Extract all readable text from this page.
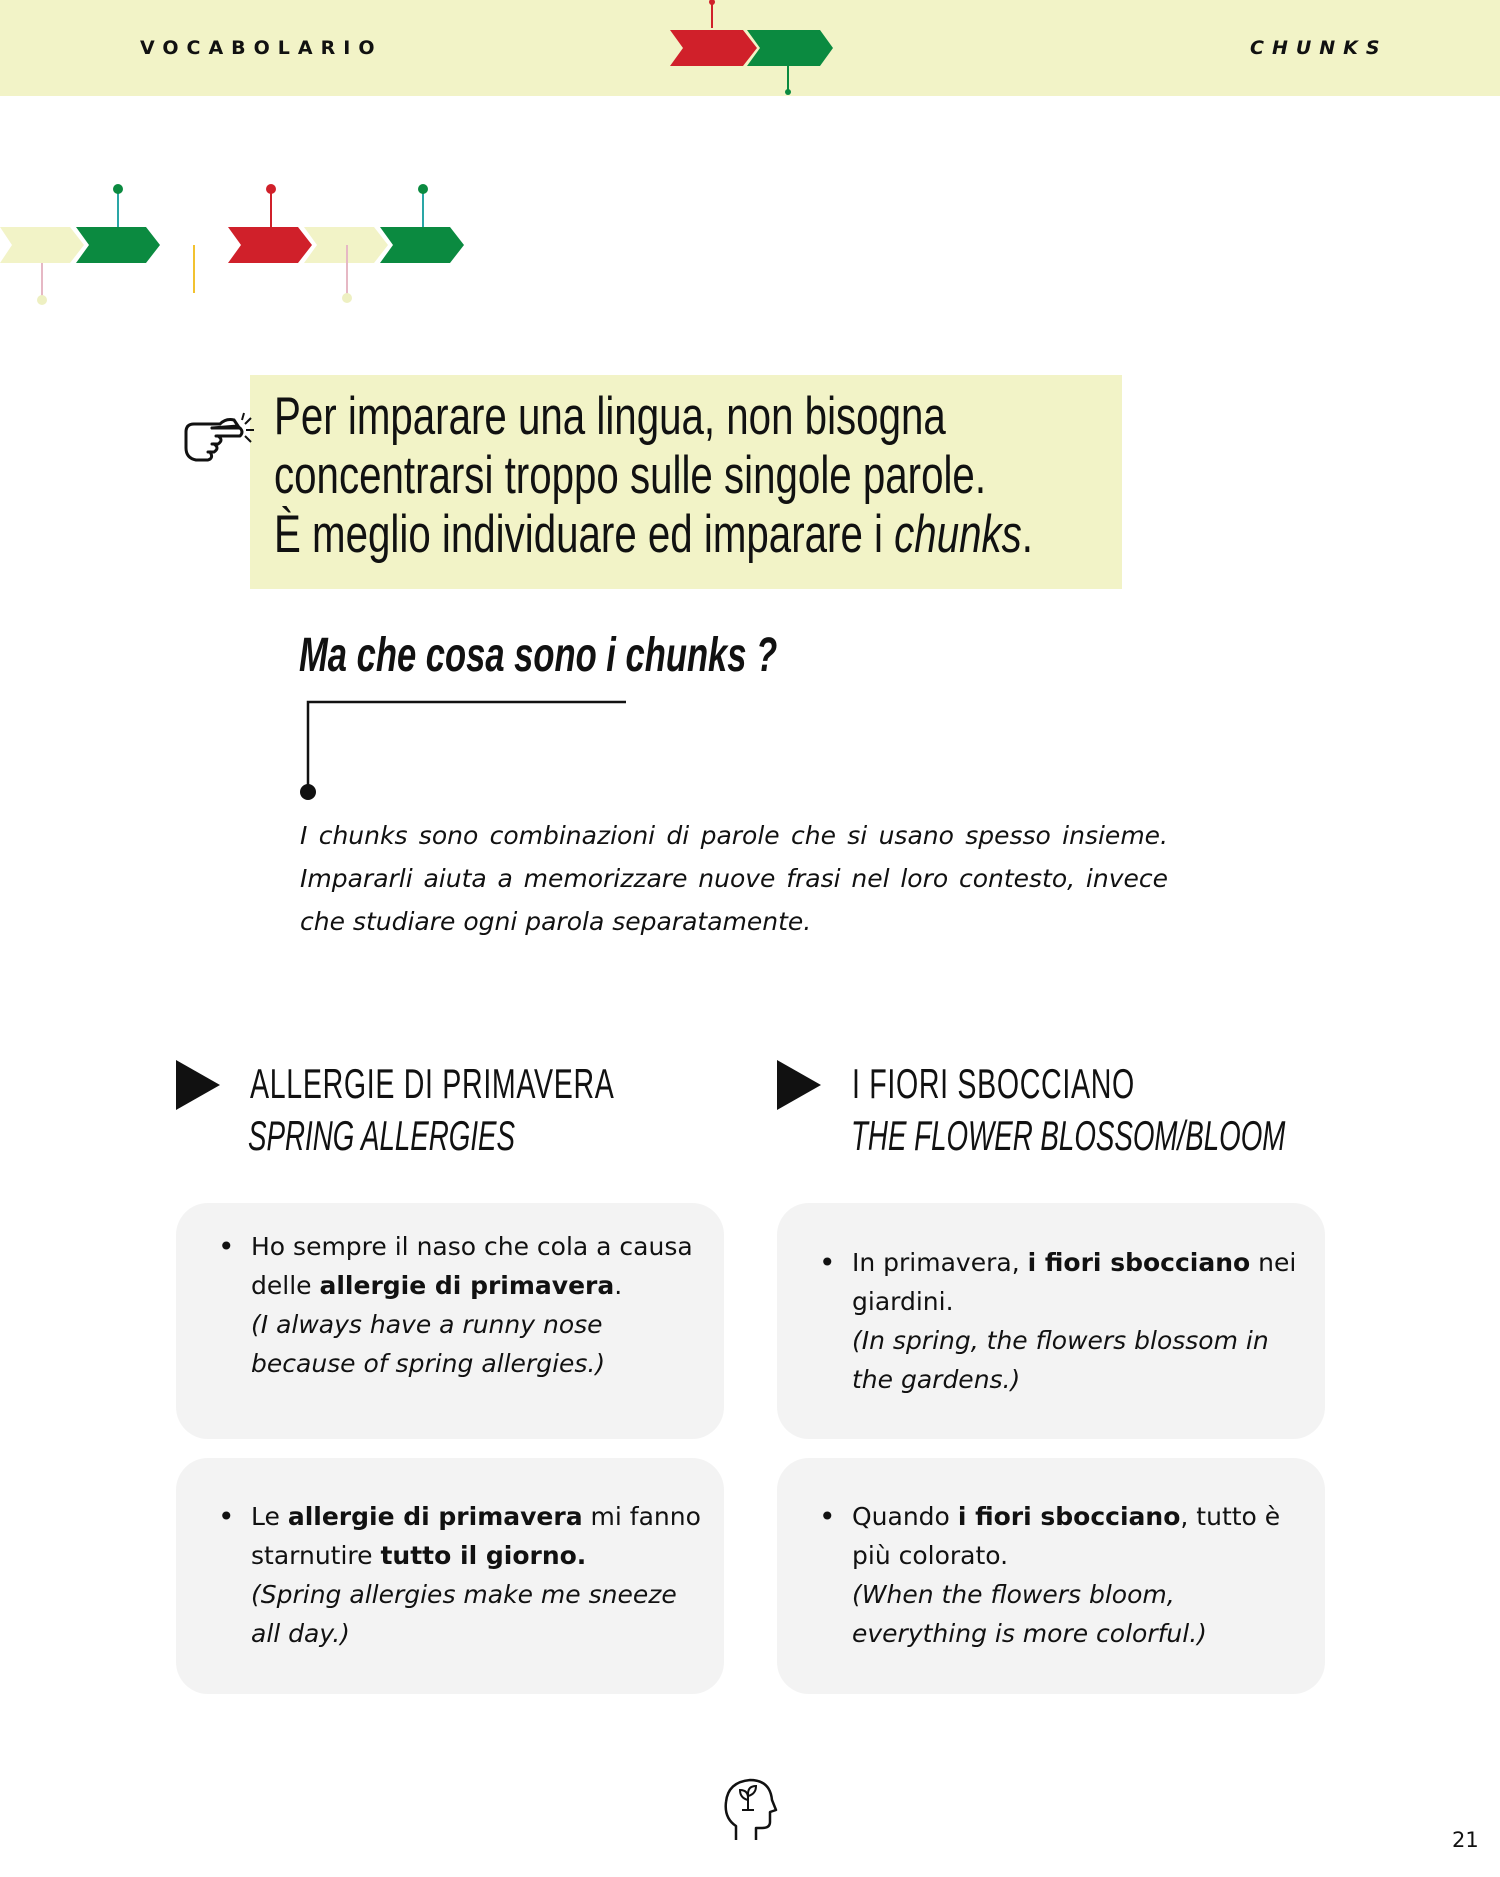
VOCABOLARIO	CHUNKS
Per imparare una lingua, non bisogna
concentrarsi troppo sulle singole parole.
È meglio individuare ed imparare i chunks.
Ma che cosa sono i chunks ?
I chunks sono combinazioni di parole che si usano spesso insieme. Impararli aiuta a memorizzare nuove frasi nel loro contesto, invece che studiare ogni parola separatamente.
ALLERGIE DI PRIMAVERA
SPRING ALLERGIES
I FIORI SBOCCIANO
THE FLOWER BLOSSOM/BLOOM
• Ho sempre il naso che cola a causa delle allergie di primavera.
(I always have a runny nose because of spring allergies.)
• Le allergie di primavera mi fanno starnutire tutto il giorno.
(Spring allergies make me sneeze all day.)
• In primavera, i fiori sbocciano nei giardini.
(In spring, the flowers blossom in the gardens.)
• Quando i fiori sbocciano, tutto è più colorato.
(When the flowers bloom, everything is more colorful.)
21
